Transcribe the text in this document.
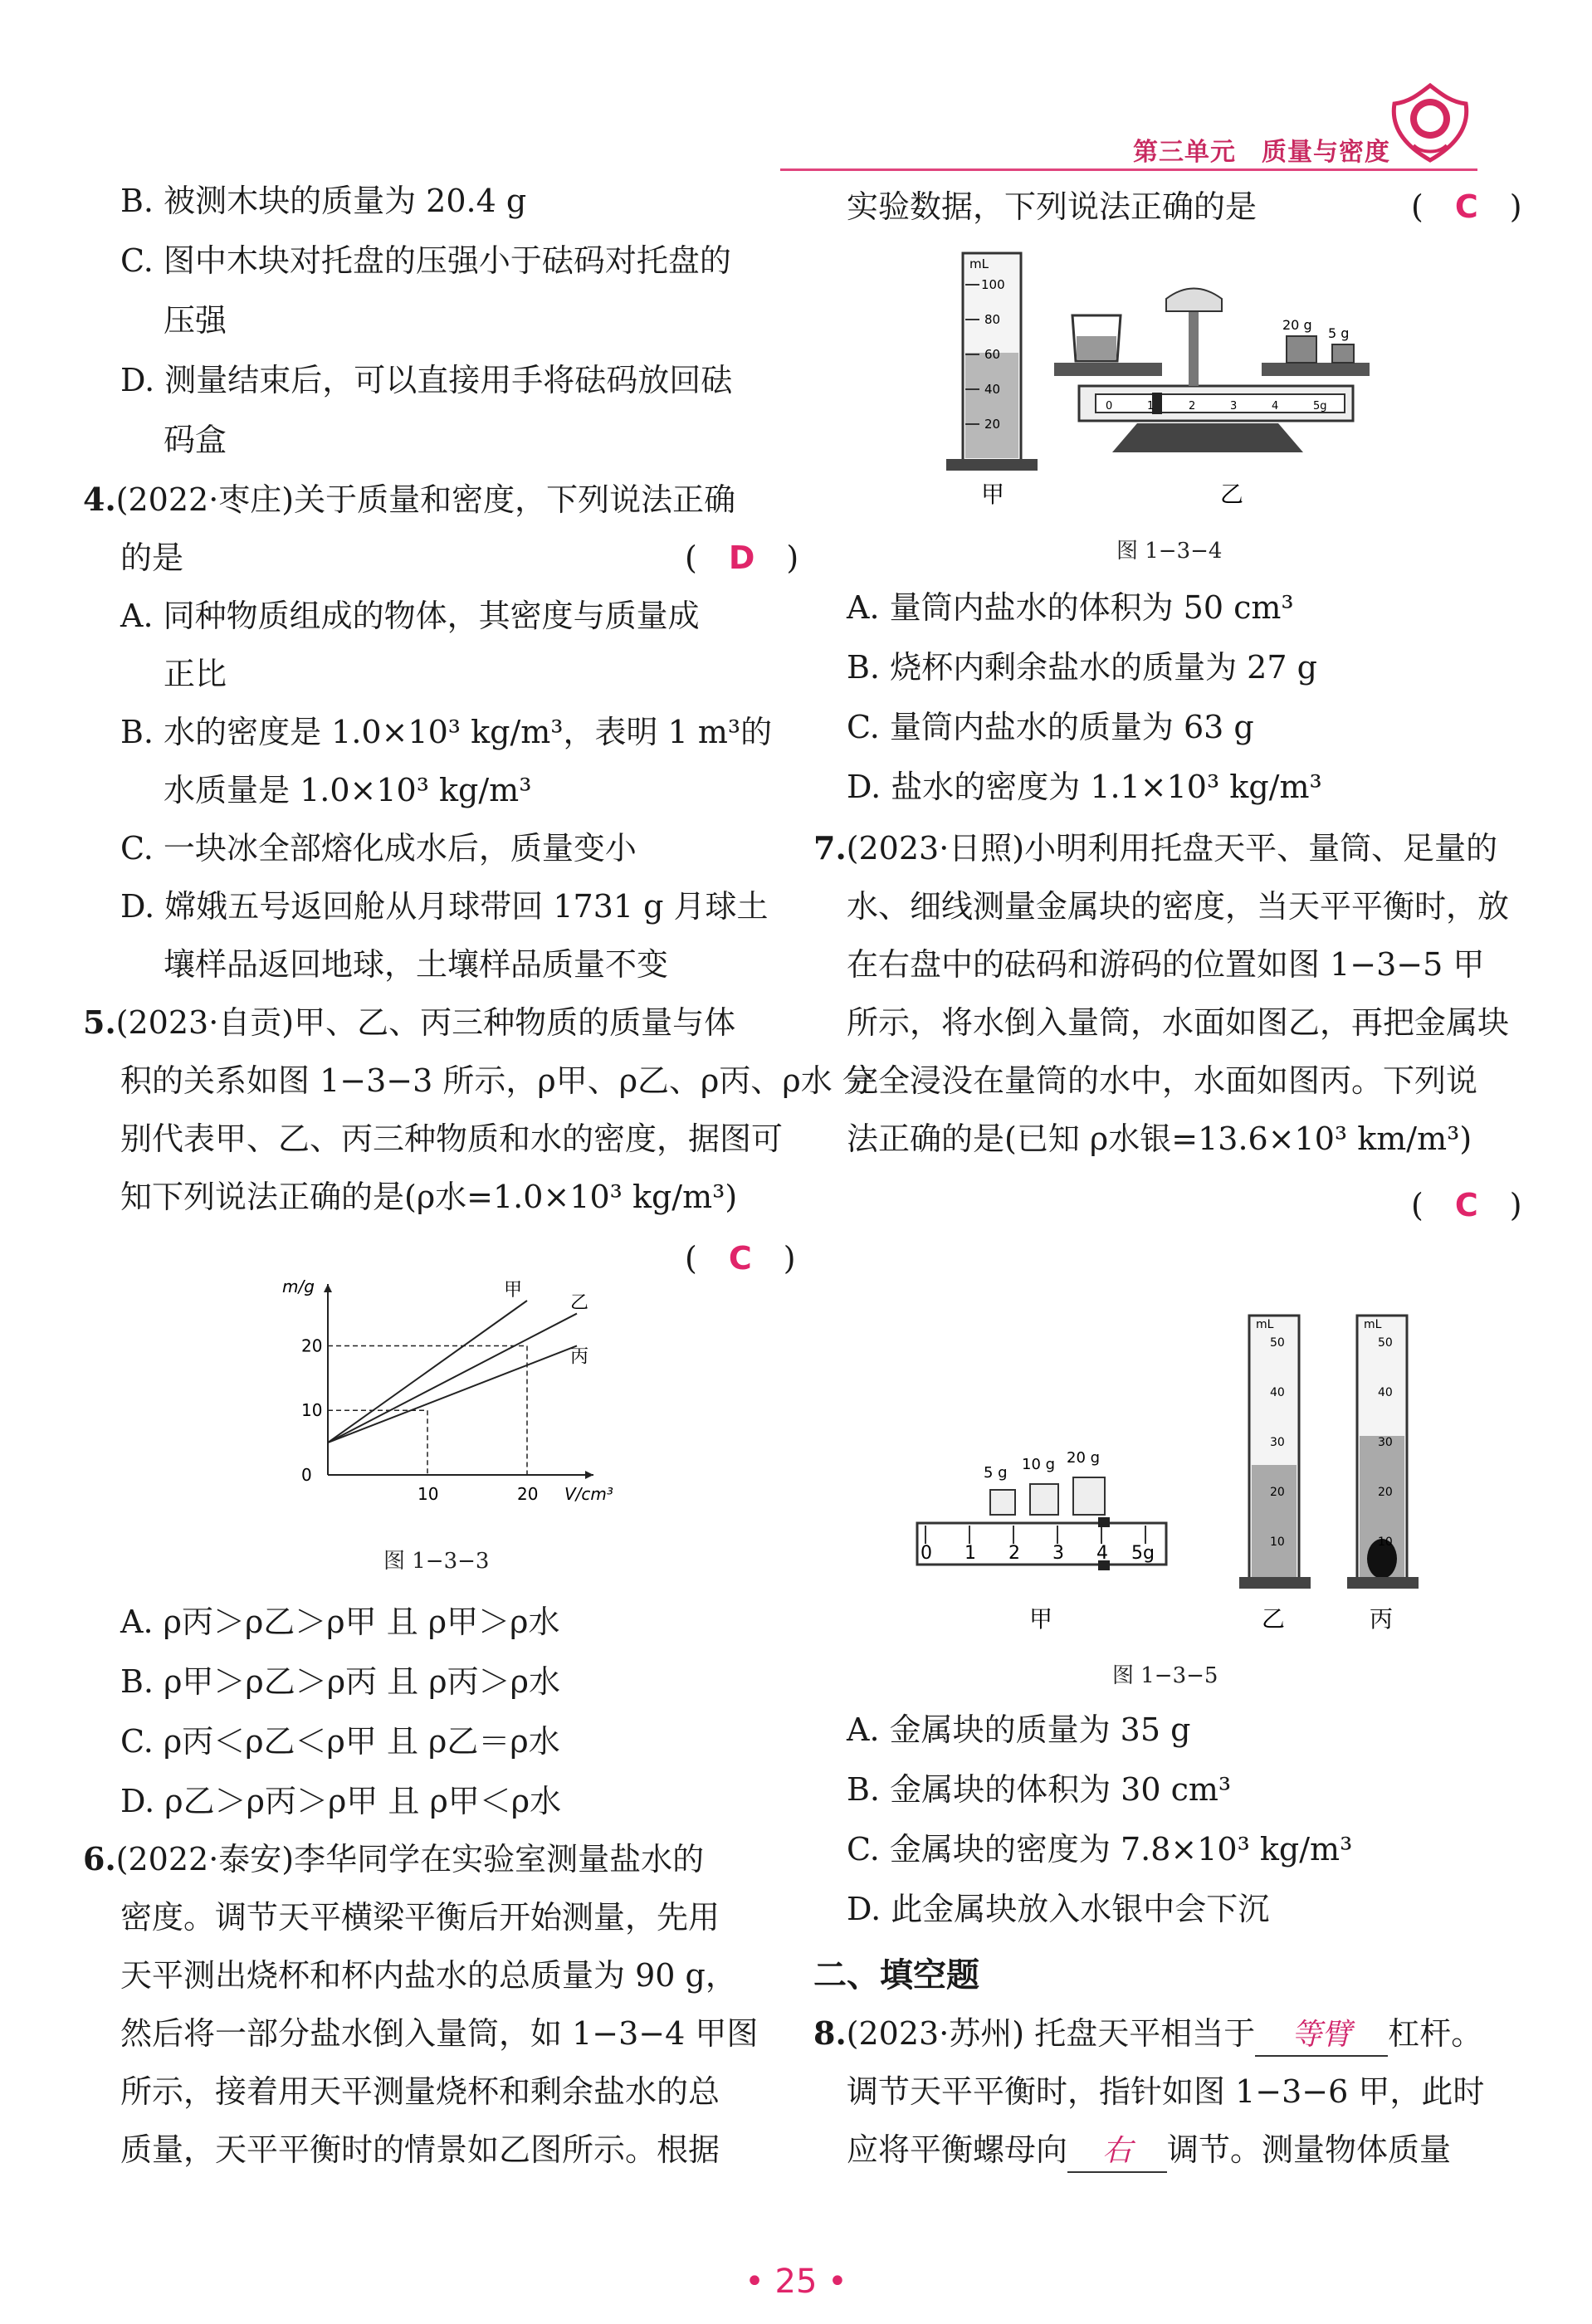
第三单元　质量与密度
B. 被测木块的质量为 20.4 g
C. 图中木块对托盘的压强小于砝码对托盘的
压强
D. 测量结束后，可以直接用手将砝码放回砝
码盒
4.(2022·枣庄)关于质量和密度，下列说法正确
的是	(　D　)
A. 同种物质组成的物体，其密度与质量成
正比
B. 水的密度是 1.0×10³ kg/m³，表明 1 m³的
水质量是 1.0×10³ kg/m³
C. 一块冰全部熔化成水后，质量变小
D. 嫦娥五号返回舱从月球带回 1731 g 月球土
壤样品返回地球，土壤样品质量不变
5.(2023·自贡)甲、乙、丙三种物质的质量与体
积的关系如图 1−3−3 所示，ρ甲、ρ乙、ρ丙、ρ水 分
别代表甲、乙、丙三种物质和水的密度，据图可
知下列说法正确的是(ρ水=1.0×10³ kg/m³)
(　C　)
m/g
V/cm³
0
10
20
10	20
甲
乙
丙
图 1−3−3
A. ρ丙＞ρ乙＞ρ甲 且 ρ甲＞ρ水
B. ρ甲＞ρ乙＞ρ丙 且 ρ丙＞ρ水
C. ρ丙＜ρ乙＜ρ甲 且 ρ乙＝ρ水
D. ρ乙＞ρ丙＞ρ甲 且 ρ甲＜ρ水
6.(2022·泰安)李华同学在实验室测量盐水的
密度。调节天平横梁平衡后开始测量，先用
天平测出烧杯和杯内盐水的总质量为 90 g，
然后将一部分盐水倒入量筒，如 1−3−4 甲图
所示，接着用天平测量烧杯和剩余盐水的总
质量，天平平衡时的情景如乙图所示。根据
实验数据，下列说法正确的是	(　C　)
mL
100
80
60
40
20
甲
20 g
5 g
0	1	2	3	4	5g
乙
图 1−3−4
A. 量筒内盐水的体积为 50 cm³
B. 烧杯内剩余盐水的质量为 27 g
C. 量筒内盐水的质量为 63 g
D. 盐水的密度为 1.1×10³ kg/m³
7.(2023·日照)小明利用托盘天平、量筒、足量的
水、细线测量金属块的密度，当天平平衡时，放
在右盘中的砝码和游码的位置如图 1−3−5 甲
所示，将水倒入量筒，水面如图乙，再把金属块
完全浸没在量筒的水中，水面如图丙。下列说
法正确的是(已知 ρ水银=13.6×10³ km/m³)
(　C　)
0 1 2 3 4 5g
5 g 10 g 20 g
甲
mL
50
40
30
20
10
乙
mL
50
40
30
20
10
丙
图 1−3−5
A. 金属块的质量为 35 g
B. 金属块的体积为 30 cm³
C. 金属块的密度为 7.8×10³ kg/m³
D. 此金属块放入水银中会下沉
二、填空题
8.(2023·苏州) 托盘天平相当于 等臂 杠杆。
调节天平平衡时，指针如图 1−3−6 甲，此时
应将平衡螺母向 右 调节。测量物体质量
• 25 •
